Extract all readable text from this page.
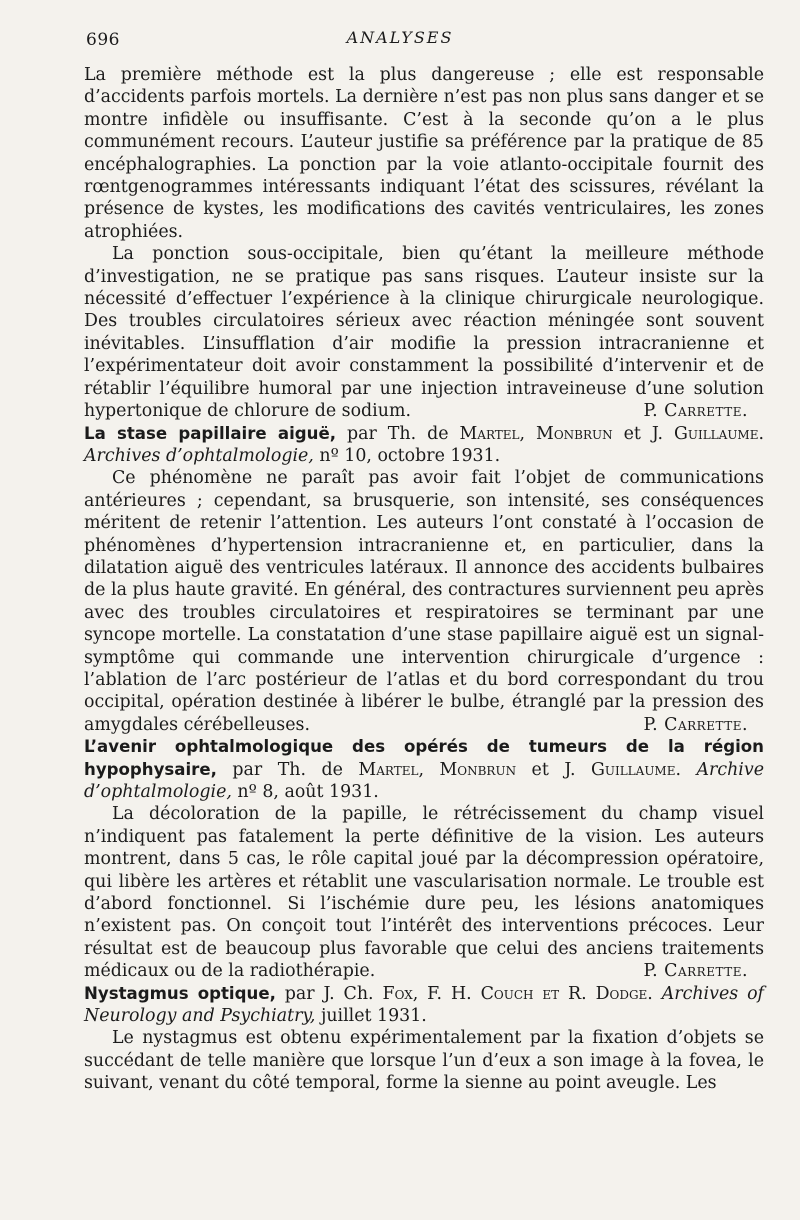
696	ANALYSES

La première méthode est la plus dangereuse ; elle est responsable d’accidents parfois mortels. La dernière n’est pas non plus sans danger et se montre infidèle ou insuffisante. C’est à la seconde qu’on a le plus communément recours. L’auteur justifie sa préférence par la pratique de 85 encéphalographies. La ponction par la voie atlanto-occipitale fournit des rœntgenogrammes intéressants indiquant l’état des scissures, révélant la présence de kystes, les modifications des cavités ventriculaires, les zones atrophiées.

La ponction sous-occipitale, bien qu’étant la meilleure méthode d’investigation, ne se pratique pas sans risques. L’auteur insiste sur la nécessité d’effectuer l’expérience à la clinique chirurgicale neurologique. Des troubles circulatoires sérieux avec réaction méningée sont souvent inévitables. L’insufflation d’air modifie la pression intracranienne et l’expérimentateur doit avoir constamment la possibilité d’intervenir et de rétablir l’équilibre humoral par une injection intraveineuse d’une solution hypertonique de chlorure de sodium.	P. Carrette.

La stase papillaire aiguë, par Th. de Martel, Monbrun et J. Guillaume. Archives d’ophtalmologie, nº 10, octobre 1931.

Ce phénomène ne paraît pas avoir fait l’objet de communications antérieures ; cependant, sa brusquerie, son intensité, ses conséquences méritent de retenir l’attention. Les auteurs l’ont constaté à l’occasion de phénomènes d’hypertension intracranienne et, en particulier, dans la dilatation aiguë des ventricules latéraux. Il annonce des accidents bulbaires de la plus haute gravité. En général, des contractures surviennent peu après avec des troubles circulatoires et respiratoires se terminant par une syncope mortelle. La constatation d’une stase papillaire aiguë est un signal-symptôme qui commande une intervention chirurgicale d’urgence : l’ablation de l’arc postérieur de l’atlas et du bord correspondant du trou occipital, opération destinée à libérer le bulbe, étranglé par la pression des amygdales cérébelleuses.	P. Carrette.

L’avenir ophtalmologique des opérés de tumeurs de la région hypophysaire, par Th. de Martel, Monbrun et J. Guillaume. Archive d’ophtalmologie, nº 8, août 1931.

La décoloration de la papille, le rétrécissement du champ visuel n’indiquent pas fatalement la perte définitive de la vision. Les auteurs montrent, dans 5 cas, le rôle capital joué par la décompression opératoire, qui libère les artères et rétablit une vascularisation normale. Le trouble est d’abord fonctionnel. Si l’ischémie dure peu, les lésions anatomiques n’existent pas. On conçoit tout l’intérêt des interventions précoces. Leur résultat est de beaucoup plus favorable que celui des anciens traitements médicaux ou de la radiothérapie.	P. Carrette.

Nystagmus optique, par J. Ch. Fox, F. H. Couch et R. Dodge. Archives of Neurology and Psychiatry, juillet 1931.

Le nystagmus est obtenu expérimentalement par la fixation d’objets se succédant de telle manière que lorsque l’un d’eux a son image à la fovea, le suivant, venant du côté temporal, forme la sienne au point aveugle. Les
